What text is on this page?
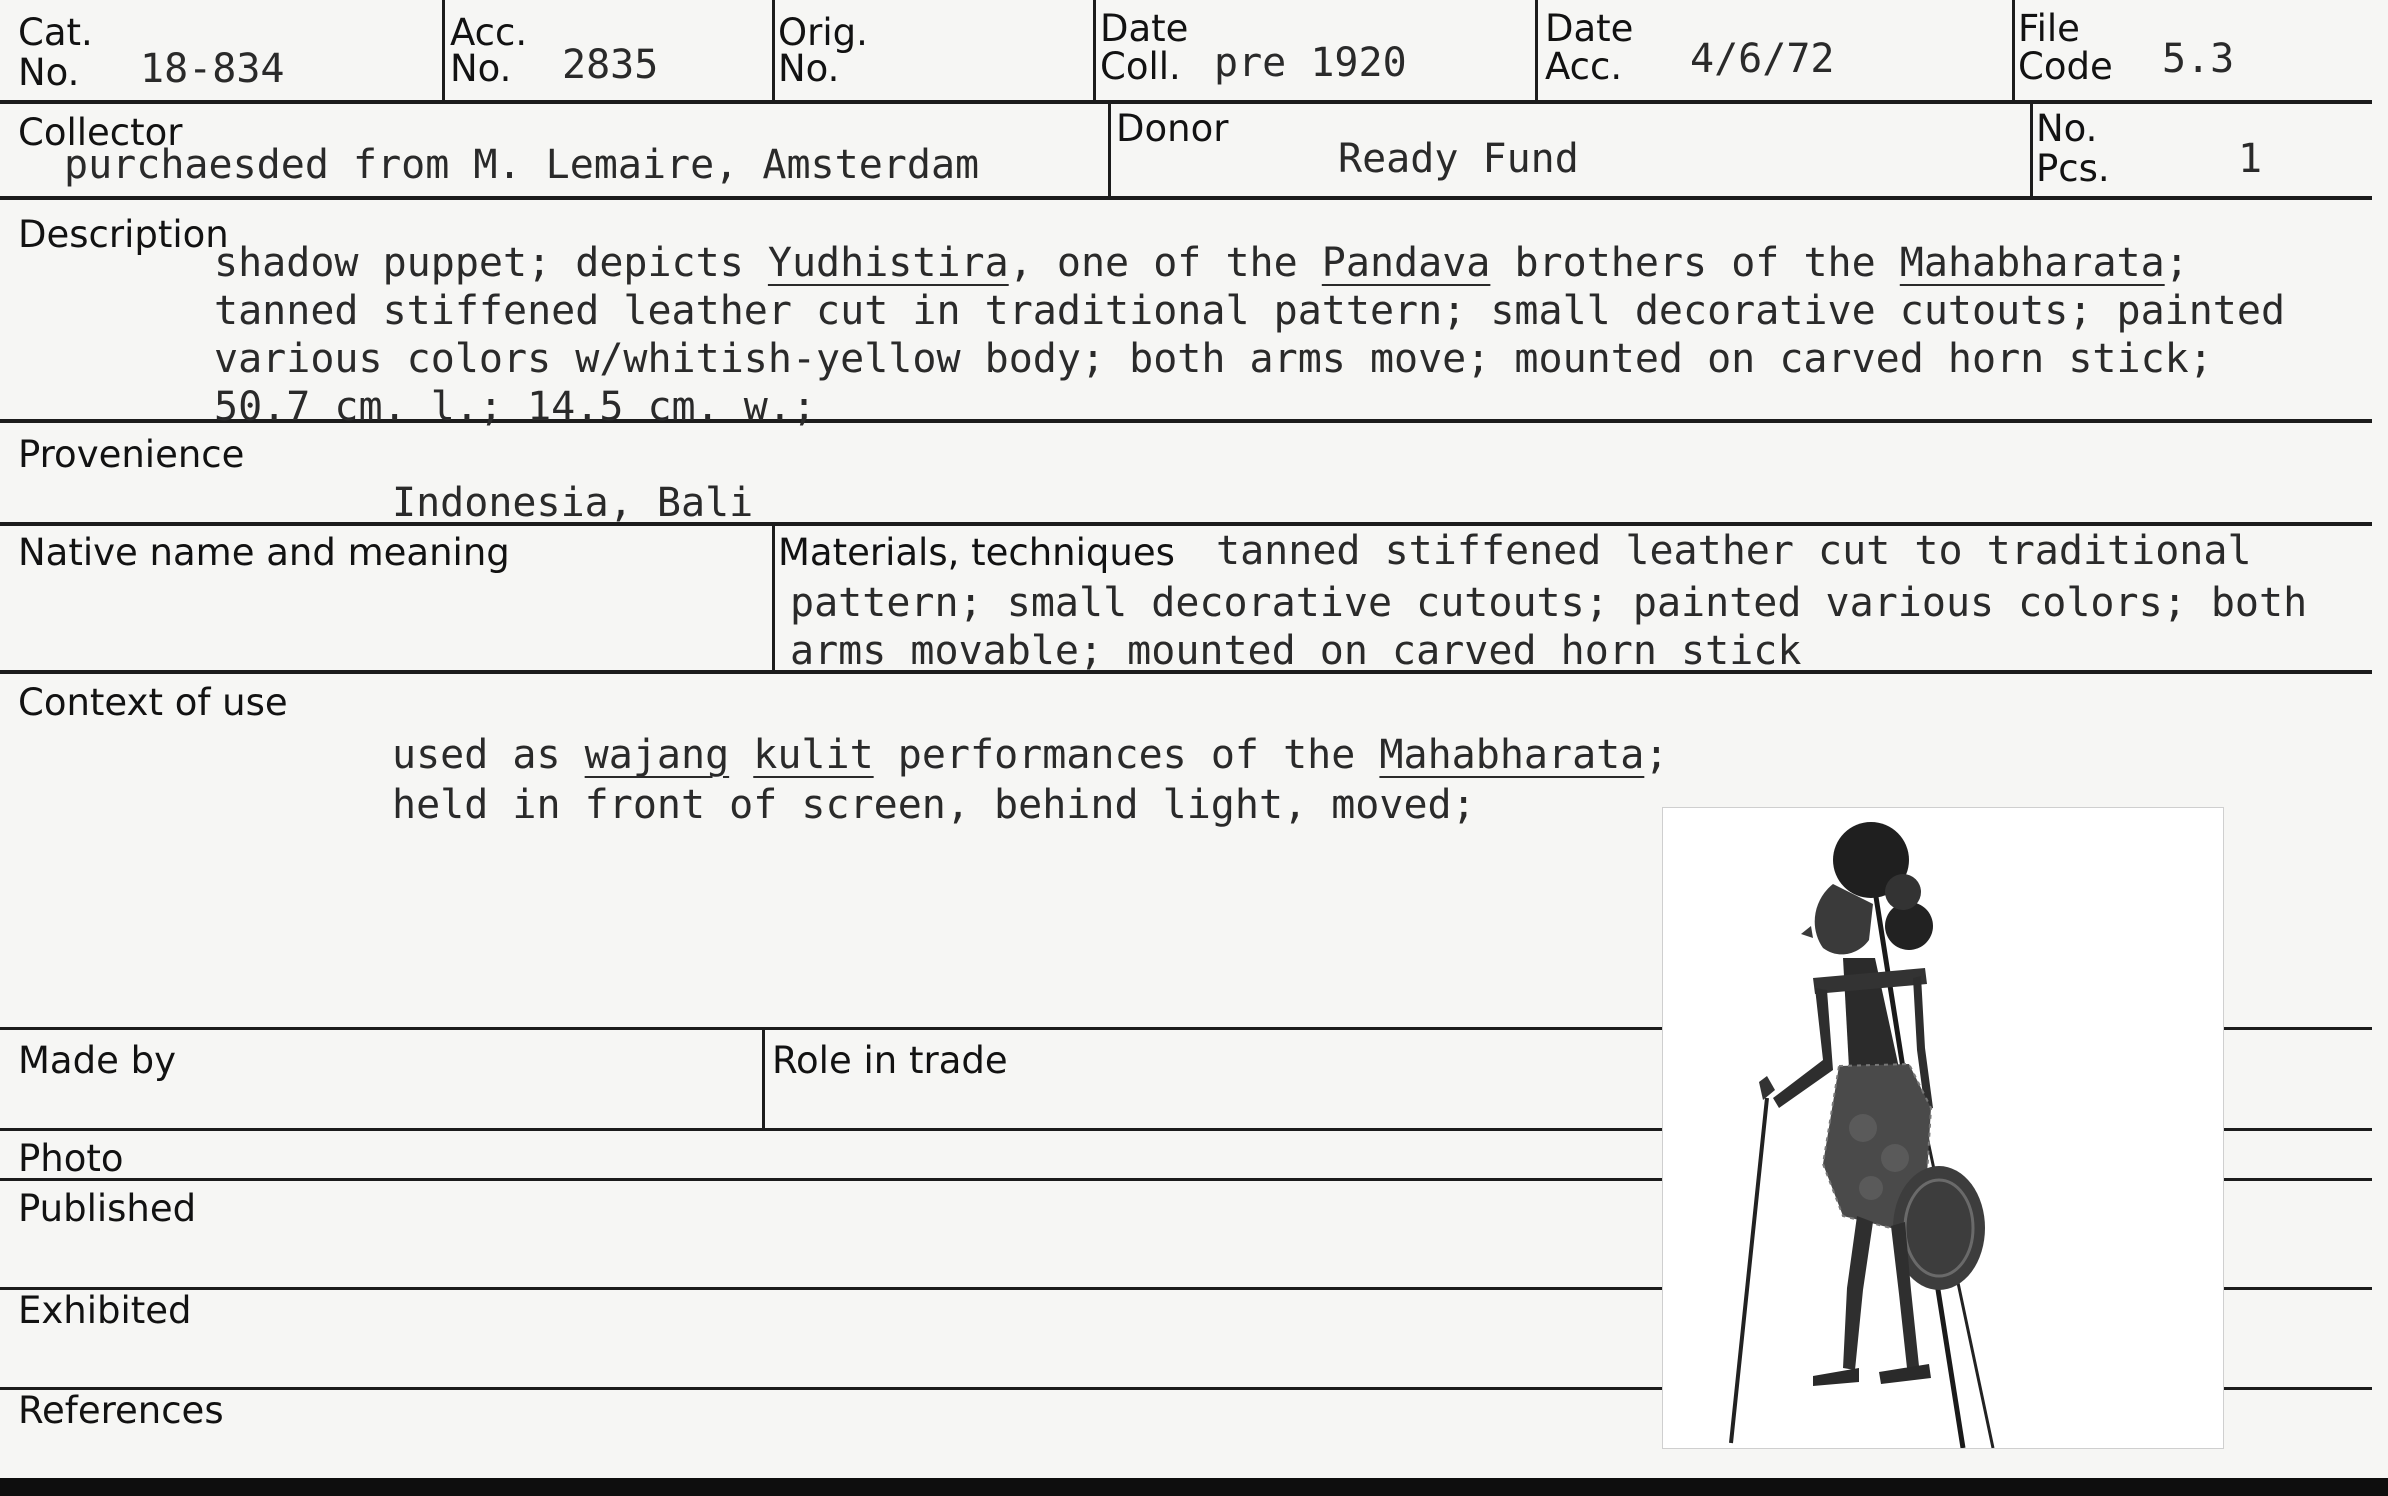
Cat.
No. 18-834
Acc.
No. 2835
Orig.
No.
Date
Coll. pre 1920
Date
Acc. 4/6/72
File
Code 5.3
Collector
purchaesded from M. Lemaire, Amsterdam
Donor
Ready Fund
No.
Pcs.	1
Description
shadow puppet; depicts Yudhistira, one of the Pandava brothers of the Mahabharata;
tanned stiffened leather cut in traditional pattern; small decorative cutouts; painted
various colors w/whitish-yellow body; both arms move; mounted on carved horn stick;
50.7 cm. l.; 14.5 cm. w.;
Provenience
Indonesia, Bali
Native name and meaning	Materials, techniques tanned stiffened leather cut to traditional
pattern; small decorative cutouts; painted various colors; both
arms movable; mounted on carved horn stick
Context of use
used as wajang kulit performances of the Mahabharata;
held in front of screen, behind light, moved;
Made by	Role in trade
Photo
Published
Exhibited
References
